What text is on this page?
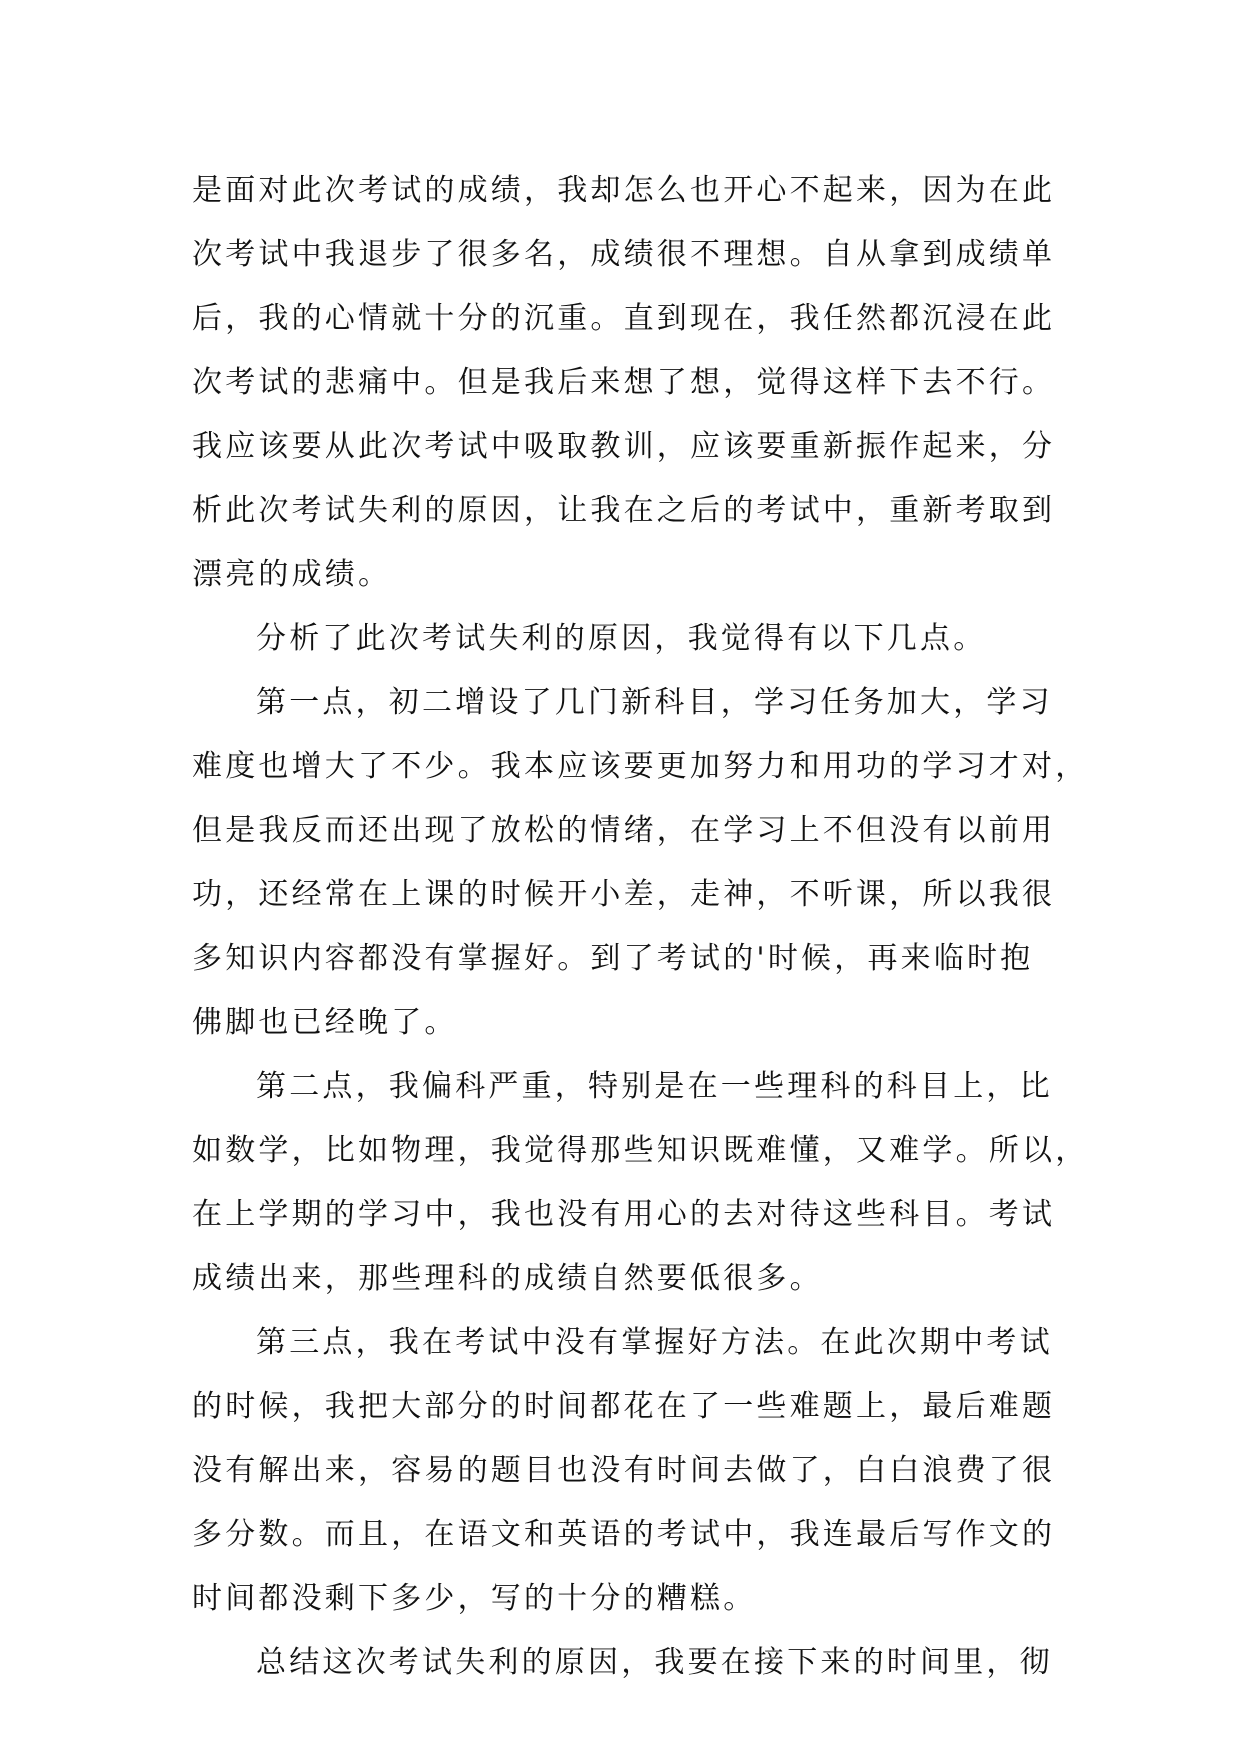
是面对此次考试的成绩，我却怎么也开心不起来，因为在此
次考试中我退步了很多名，成绩很不理想。自从拿到成绩单
后，我的心情就十分的沉重。直到现在，我任然都沉浸在此
次考试的悲痛中。但是我后来想了想，觉得这样下去不行。
我应该要从此次考试中吸取教训，应该要重新振作起来，分
析此次考试失利的原因，让我在之后的考试中，重新考取到
漂亮的成绩。
分析了此次考试失利的原因，我觉得有以下几点。
第一点，初二增设了几门新科目，学习任务加大，学习
难度也增大了不少。我本应该要更加努力和用功的学习才对，
但是我反而还出现了放松的情绪，在学习上不但没有以前用
功，还经常在上课的时候开小差，走神，不听课，所以我很
多知识内容都没有掌握好。到了考试的'时候，再来临时抱
佛脚也已经晚了。
第二点，我偏科严重，特别是在一些理科的科目上，比
如数学，比如物理，我觉得那些知识既难懂，又难学。所以，
在上学期的学习中，我也没有用心的去对待这些科目。考试
成绩出来，那些理科的成绩自然要低很多。
第三点，我在考试中没有掌握好方法。在此次期中考试
的时候，我把大部分的时间都花在了一些难题上，最后难题
没有解出来，容易的题目也没有时间去做了，白白浪费了很
多分数。而且，在语文和英语的考试中，我连最后写作文的
时间都没剩下多少，写的十分的糟糕。
总结这次考试失利的原因，我要在接下来的时间里，彻
